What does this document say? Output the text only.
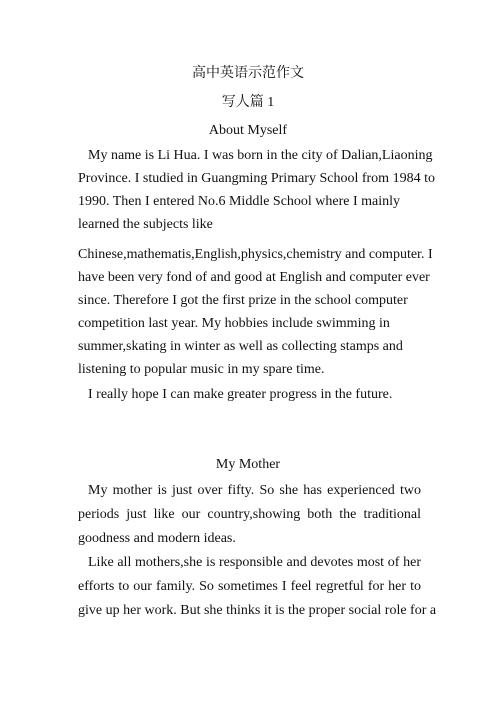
高中英语示范作文
写人篇 1
About Myself
My name is Li Hua. I was born in the city of Dalian,Liaoning
Province. I studied in Guangming Primary School from 1984 to
1990. Then I entered No.6 Middle School where I mainly
learned the subjects like
Chinese,mathematis,English,physics,chemistry and computer. I
have been very fond of and good at English and computer ever
since. Therefore I got the first prize in the school computer
competition last year. My hobbies include swimming in
summer,skating in winter as well as collecting stamps and
listening to popular music in my spare time.
I really hope I can make greater progress in the future.
My Mother
My mother is just over fifty. So she has experienced two
periods just like our country,showing both the traditional
goodness and modern ideas.
Like all mothers,she is responsible and devotes most of her
efforts to our family. So sometimes I feel regretful for her to
give up her work. But she thinks it is the proper social role for a
